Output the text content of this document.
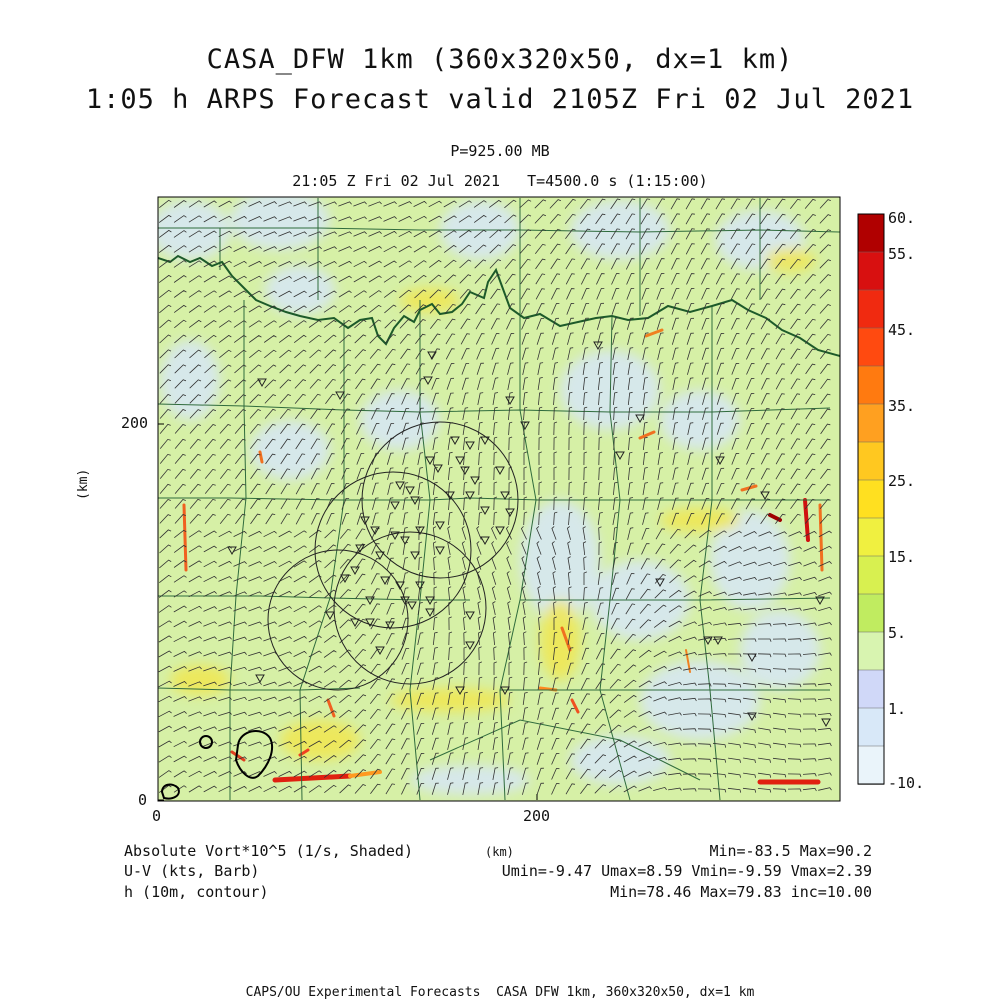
CASA_DFW 1km (360x320x50, dx=1 km)
1:05 h ARPS Forecast valid 2105Z Fri 02 Jul 2021
P=925.00 MB
21:05 Z Fri 02 Jul 2021   T=4500.0 s (1:15:00)
200
0
0	200
(km)
60.
55.
45.
35.
25.
15.
5.
1.
-10.
Absolute Vort*10^5 (1/s, Shaded)
U-V (kts, Barb)
h (10m, contour)
(km)	Min=-83.5 Max=90.2
Umin=-9.47 Umax=8.59 Vmin=-9.59 Vmax=2.39
Min=78.46 Max=79.83 inc=10.00
CAPS/OU Experimental Forecasts  CASA DFW 1km, 360x320x50, dx=1 km
